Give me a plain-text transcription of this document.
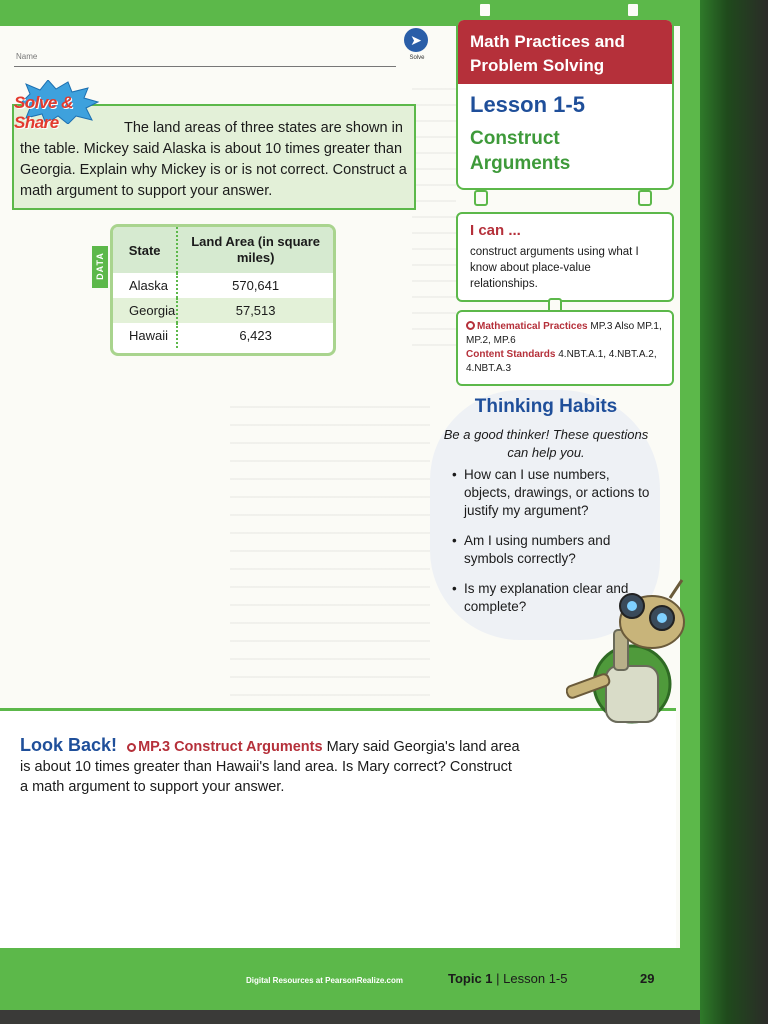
Name
➤
Solve
The land areas of three states are shown in the table. Mickey said Alaska is about 10 times greater than Georgia. Explain why Mickey is or is not correct. Construct a math argument to support your answer.
Solve & Share
DATA
State	Land Area (in square miles)
Alaska	570,641
Georgia	57,513
Hawaii	6,423
Math Practices and Problem Solving
Lesson 1-5
Construct Arguments
I can ...
construct arguments using what I know about place-value relationships.
Mathematical Practices MP.3 Also MP.1, MP.2, MP.6
Content Standards 4.NBT.A.1, 4.NBT.A.2, 4.NBT.A.3
Thinking Habits
Be a good thinker! These questions can help you.
• How can I use numbers, objects, drawings, or actions to justify my argument?
• Am I using numbers and symbols correctly?
• Is my explanation clear and complete?
Look Back! MP.3 Construct Arguments Mary said Georgia's land area is about 10 times greater than Hawaii's land area. Is Mary correct? Construct a math argument to support your answer.
Digital Resources at PearsonRealize.com	Topic 1 | Lesson 1-5	29
